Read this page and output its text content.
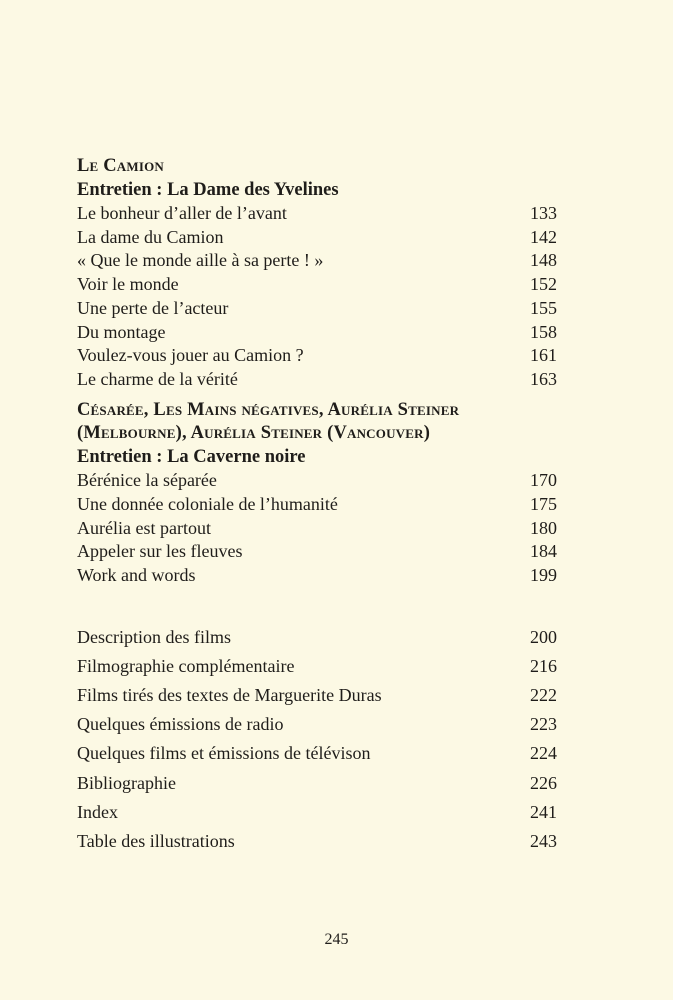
Le Camion
Entretien : La Dame des Yvelines
Le bonheur d’aller de l’avant	133
La dame du Camion	142
« Que le monde aille à sa perte ! »	148
Voir le monde	152
Une perte de l’acteur	155
Du montage	158
Voulez-vous jouer au Camion ?	161
Le charme de la vérité	163
Césarée, Les Mains négatives, Aurélia Steiner
(Melbourne), Aurélia Steiner (Vancouver)
Entretien : La Caverne noire
Bérénice la séparée	170
Une donnée coloniale de l’humanité	175
Aurélia est partout	180
Appeler sur les fleuves	184
Work and words	199
Description des films	200
Filmographie complémentaire	216
Films tirés des textes de Marguerite Duras	222
Quelques émissions de radio	223
Quelques films et émissions de télévison	224
Bibliographie	226
Index	241
Table des illustrations	243
245
